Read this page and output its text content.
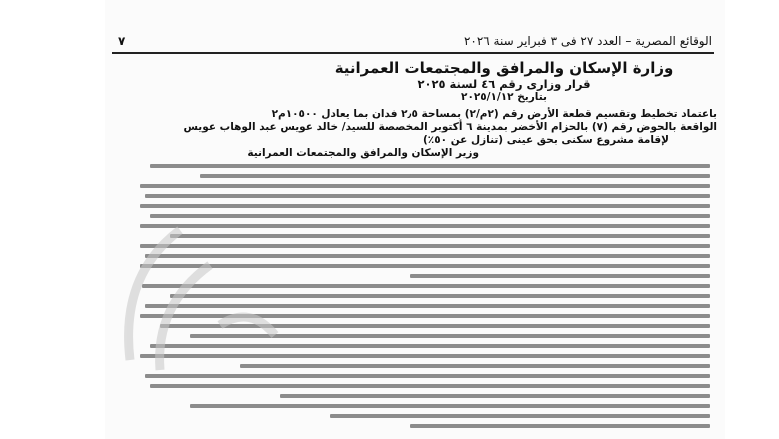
٧	الوقائع المصرية – العدد ٢٧ فى ٣ فبراير سنة ٢٠٢٦
وزارة الإسكان والمرافق والمجتمعات العمرانية
قرار وزارى رقم ٤٦ لسنة ٢٠٢٥
بتاريخ ٢٠٢٥/١/١٢
باعتماد تخطيط وتقسيم قطعة الأرض رقم (٢م/٢) بمساحة ٢٫٥ فدان بما يعادل ١٠٥٠٠م٢
الواقعة بالحوض رقم (٧) بالحزام الأخضر بمدينة ٦ أكتوبر المخصصة للسيد/ خالد عويس عبد الوهاب عويس
لإقامة مشروع سكنى بحق عينى (تنازل عن ٥٠٪)
وزير الإسكان والمرافق والمجتمعات العمرانية
